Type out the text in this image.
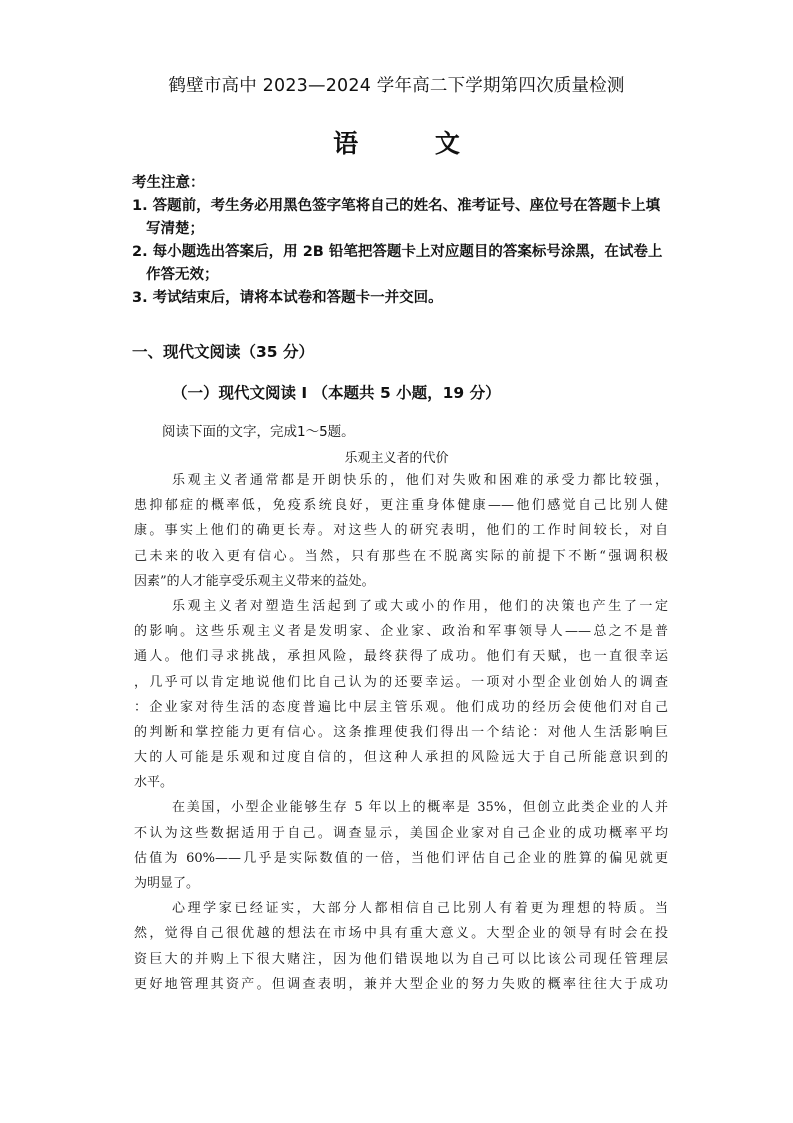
鹤壁市高中 2023—2024 学年高二下学期第四次质量检测
语 文
考生注意：
1. 答题前，考生务必用黑色签字笔将自己的姓名、准考证号、座位号在答题卡上填写清楚；
2. 每小题选出答案后，用 2B 铅笔把答题卡上对应题目的答案标号涂黑，在试卷上作答无效；
3. 考试结束后，请将本试卷和答题卡一并交回。
一、现代文阅读（35 分）
（一）现代文阅读 I （本题共 5 小题，19 分）
阅读下面的文字，完成1～5题。
乐观主义者的代价
乐观主义者通常都是开朗快乐的，他们对失败和困难的承受力都比较强，
患抑郁症的概率低，免疫系统良好，更注重身体健康——他们感觉自己比别人健
康。事实上他们的确更长寿。对这些人的研究表明，他们的工作时间较长，对自
己未来的收入更有信心。当然，只有那些在不脱离实际的前提下不断“强调积极
因素”的人才能享受乐观主义带来的益处。
乐观主义者对塑造生活起到了或大或小的作用，他们的决策也产生了一定
的影响。这些乐观主义者是发明家、企业家、政治和军事领导人——总之不是普
通人。他们寻求挑战，承担风险，最终获得了成功。他们有天赋，也一直很幸运
，几乎可以肯定地说他们比自己认为的还要幸运。一项对小型企业创始人的调查
：企业家对待生活的态度普遍比中层主管乐观。他们成功的经历会使他们对自己
的判断和掌控能力更有信心。这条推理使我们得出一个结论：对他人生活影响巨
大的人可能是乐观和过度自信的，但这种人承担的风险远大于自己所能意识到的
水平。
在美国，小型企业能够生存 5 年以上的概率是 35%，但创立此类企业的人并
不认为这些数据适用于自己。调查显示，美国企业家对自己企业的成功概率平均
估值为 60%——几乎是实际数值的一倍，当他们评估自己企业的胜算的偏见就更
为明显了。
心理学家已经证实，大部分人都相信自己比别人有着更为理想的特质。当
然，觉得自己很优越的想法在市场中具有重大意义。大型企业的领导有时会在投
资巨大的并购上下很大赌注，因为他们错误地以为自己可以比该公司现任管理层
更好地管理其资产。但调查表明，兼并大型企业的努力失败的概率往往大于成功
